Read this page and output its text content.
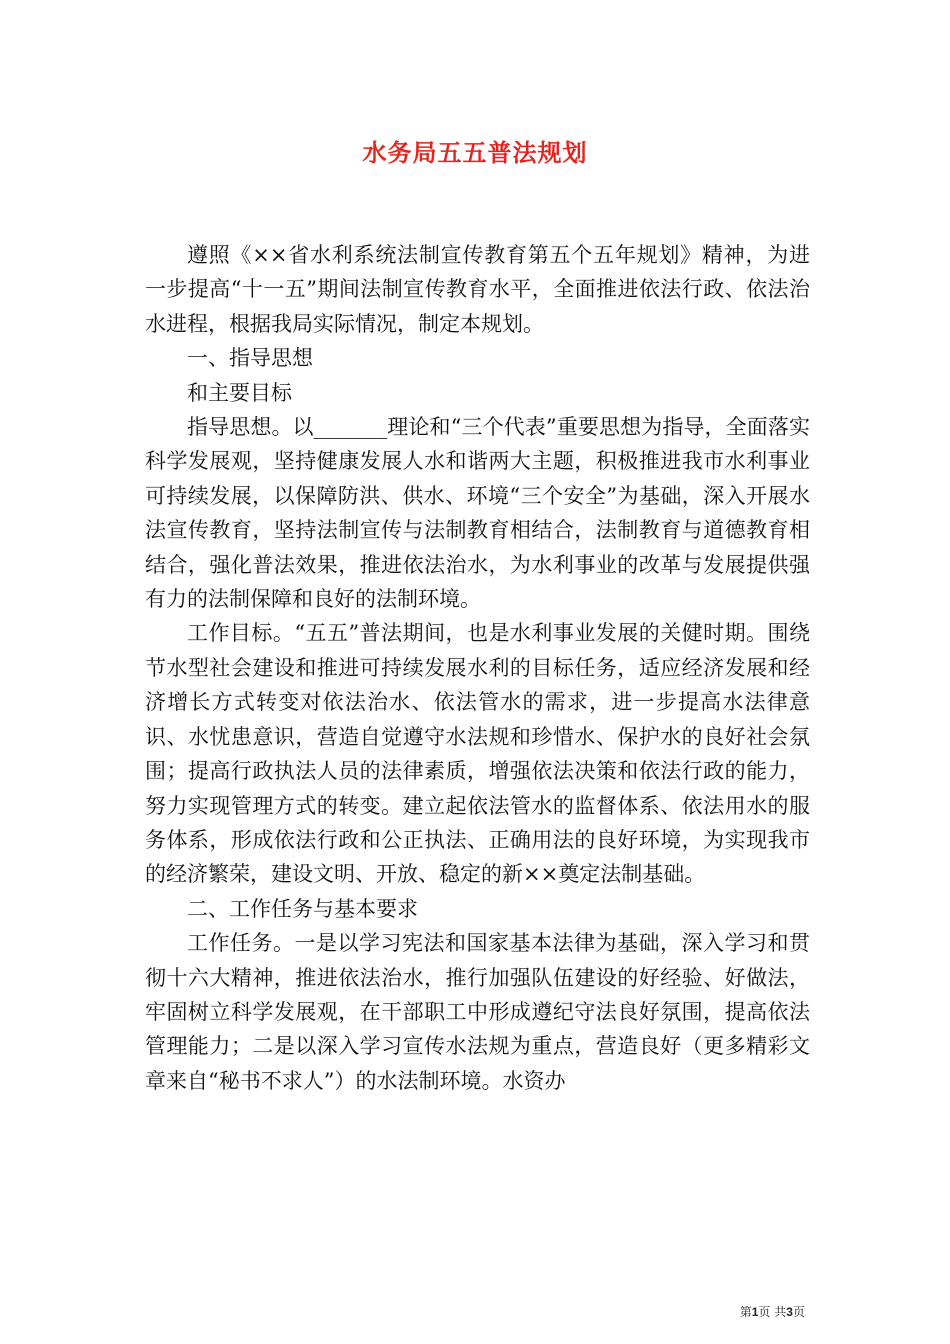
水务局五五普法规划

遵照《××省水利系统法制宣传教育第五个五年规划》精神，为进一步提高“十一五”期间法制宣传教育水平，全面推进依法行政、依法治水进程，根据我局实际情况，制定本规划。

一、指导思想

和主要目标

指导思想。以_______理论和“三个代表”重要思想为指导，全面落实科学发展观，坚持健康发展人水和谐两大主题，积极推进我市水利事业可持续发展，以保障防洪、供水、环境“三个安全”为基础，深入开展水法宣传教育，坚持法制宣传与法制教育相结合，法制教育与道德教育相结合，强化普法效果，推进依法治水，为水利事业的改革与发展提供强有力的法制保障和良好的法制环境。

工作目标。“五五”普法期间，也是水利事业发展的关健时期。围绕节水型社会建设和推进可持续发展水利的目标任务，适应经济发展和经济增长方式转变对依法治水、依法管水的需求，进一步提高水法律意识、水忧患意识，营造自觉遵守水法规和珍惜水、保护水的良好社会氛围；提高行政执法人员的法律素质，增强依法决策和依法行政的能力，努力实现管理方式的转变。建立起依法管水的监督体系、依法用水的服务体系，形成依法行政和公正执法、正确用法的良好环境，为实现我市的经济繁荣，建设文明、开放、稳定的新××奠定法制基础。

二、工作任务与基本要求

工作任务。一是以学习宪法和国家基本法律为基础，深入学习和贯彻十六大精神，推进依法治水，推行加强队伍建设的好经验、好做法，牢固树立科学发展观，在干部职工中形成遵纪守法良好氛围，提高依法管理能力；二是以深入学习宣传水法规为重点，营造良好（更多精彩文章来自“秘书不求人”）的水法制环境。水资办

第1页 共3页
